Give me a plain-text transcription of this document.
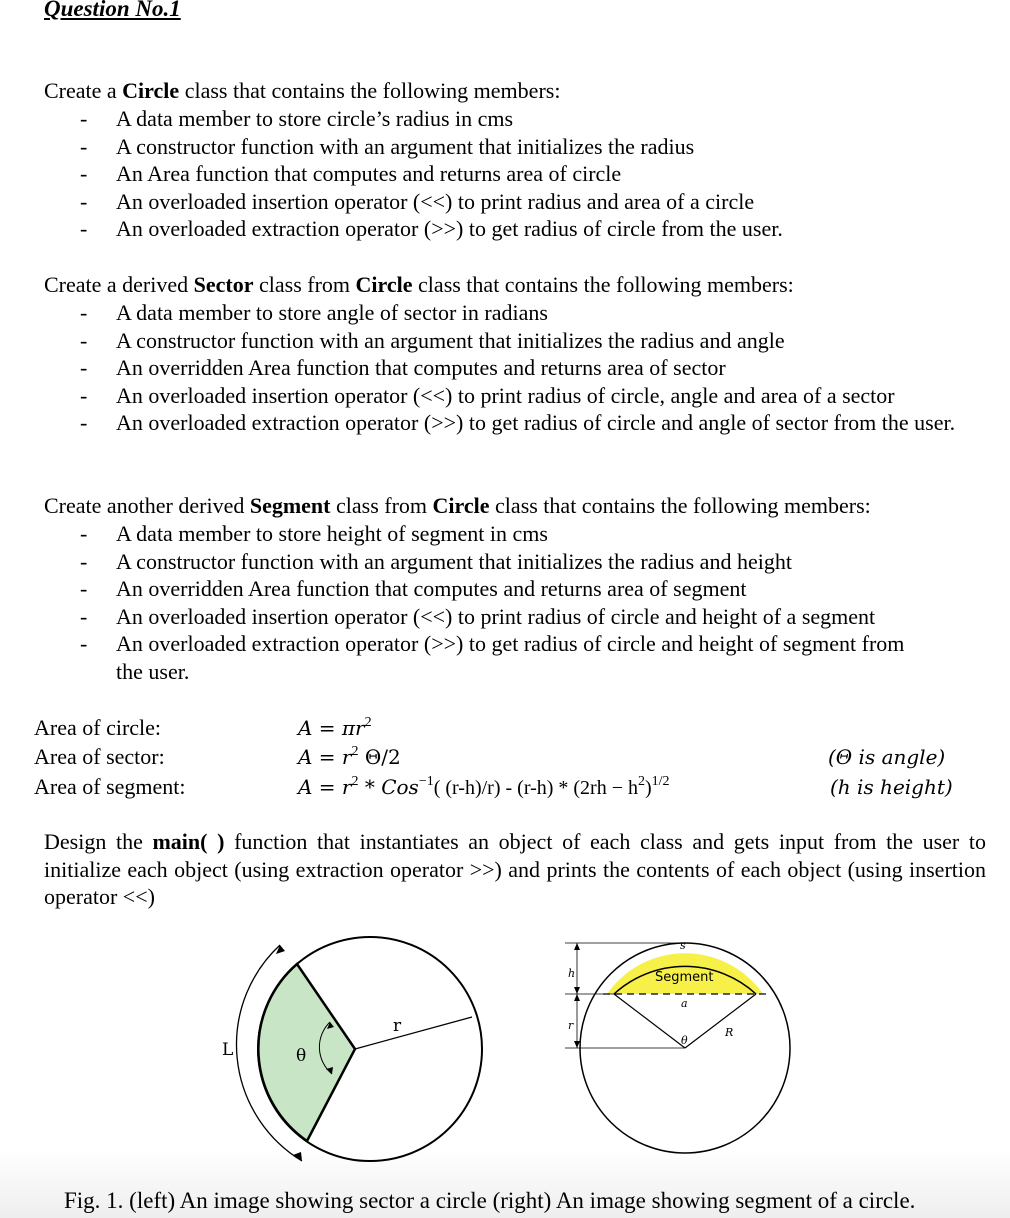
Question No.1
Create a Circle class that contains the following members:
- A data member to store circle’s radius in cms
- A constructor function with an argument that initializes the radius
- An Area function that computes and returns area of circle
- An overloaded insertion operator (<<) to print radius and area of a circle
- An overloaded extraction operator (>>) to get radius of circle from the user.
Create a derived Sector class from Circle class that contains the following members:
- A data member to store angle of sector in radians
- A constructor function with an argument that initializes the radius and angle
- An overridden Area function that computes and returns area of sector
- An overloaded insertion operator (<<) to print radius of circle, angle and area of a sector
- An overloaded extraction operator (>>) to get radius of circle and angle of sector from the user.
Create another derived Segment class from Circle class that contains the following members:
- A data member to store height of segment in cms
- A constructor function with an argument that initializes the radius and height
- An overridden Area function that computes and returns area of segment
- An overloaded insertion operator (<<) to print radius of circle and height of a segment
- An overloaded extraction operator (>>) to get radius of circle and height of segment from the user.
Area of circle:
Area of sector:
Area of segment:
$A = \pi r^2$
$A = r^2$ Θ/2
$A = r^2 * Cos^{-1}$( $(r-h)/r) - (r-h) * (2rh - h^2)^{1/2}$
(Θ is angle)
(h is height)
Design the main( ) function that instantiates an object of each class and gets input from the user to initialize each object (using extraction operator >>) and prints the contents of each object (using insertion operator <<)
L	θ
r
Segment
s
h
a
r
θ
R
Fig. 1. (left) An image showing sector a circle (right) An image showing segment of a circle.
